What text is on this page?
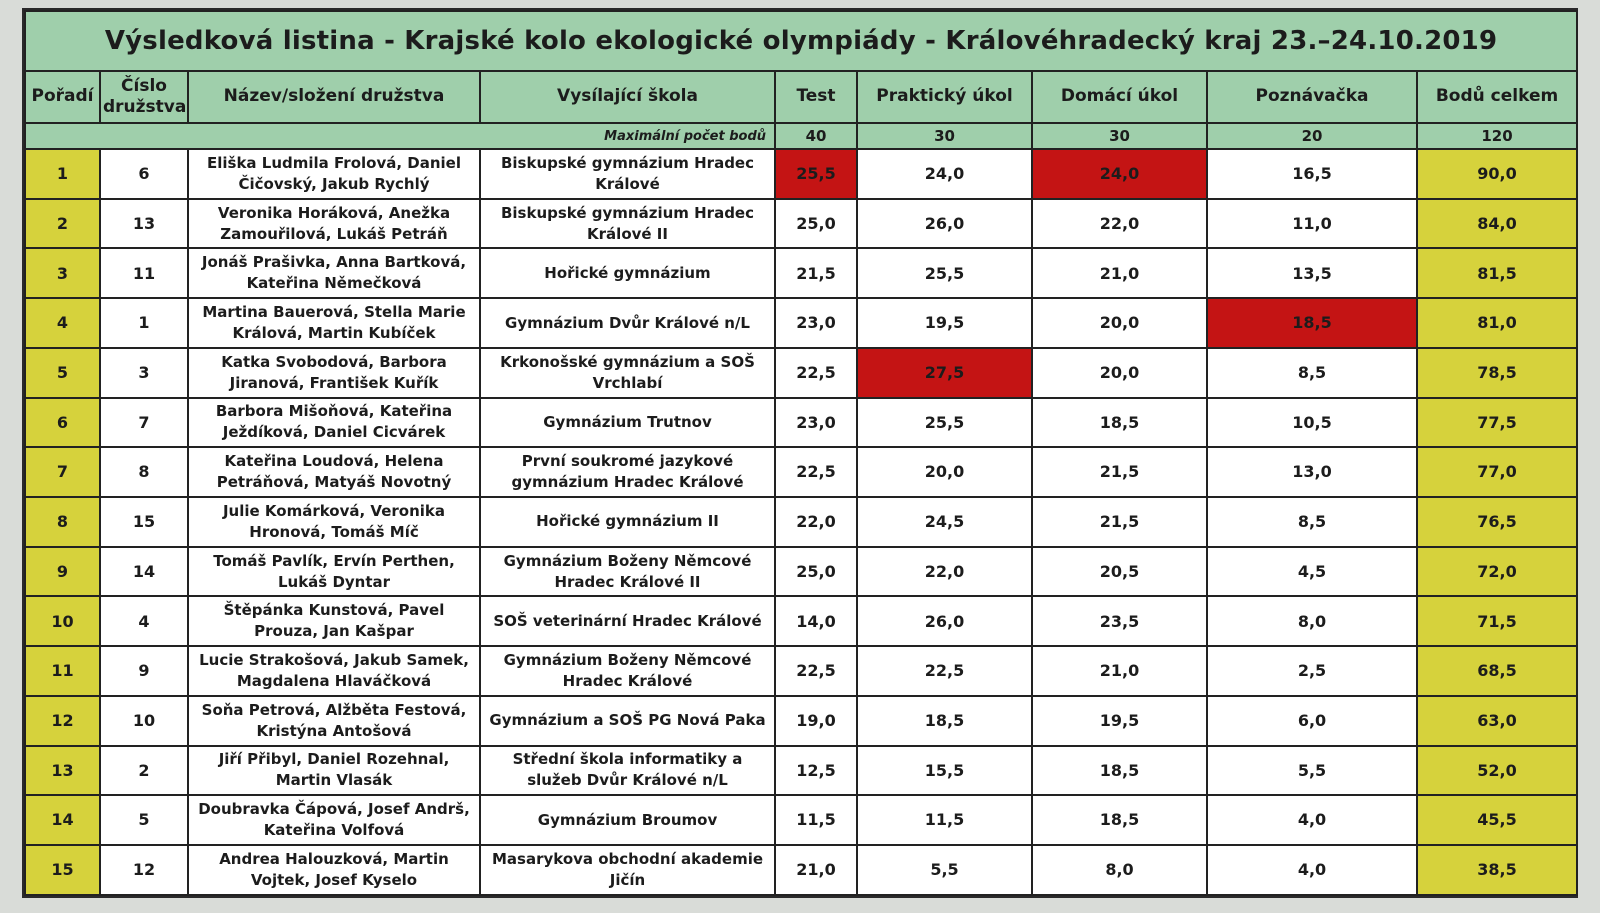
Výsledková listina - Krajské kolo ekologické olympiády - Královéhradecký kraj 23.–24.10.2019								
Pořadí	Číslo družstva	Název/složení družstva	Vysílající škola	Test	Praktický úkol	Domácí úkol	Poznávačka	Bodů celkem
Maximální počet bodů				40	30	30	20	120
1	6	Eliška Ludmila Frolová, Daniel Čičovský, Jakub Rychlý	Biskupské gymnázium Hradec Králové	25,5	24,0	24,0	16,5	90,0
2	13	Veronika Horáková, Anežka Zamouřilová, Lukáš Petráň	Biskupské gymnázium Hradec Králové II	25,0	26,0	22,0	11,0	84,0
3	11	Jonáš Prašivka, Anna Bartková, Kateřina Němečková	Hořické gymnázium	21,5	25,5	21,0	13,5	81,5
4	1	Martina Bauerová, Stella Marie Králová, Martin Kubíček	Gymnázium Dvůr Králové n/L	23,0	19,5	20,0	18,5	81,0
5	3	Katka Svobodová, Barbora Jiranová, František Kuřík	Krkonošské gymnázium a SOŠ Vrchlabí	22,5	27,5	20,0	8,5	78,5
6	7	Barbora Mišoňová, Kateřina Ježdíková, Daniel Cicvárek	Gymnázium Trutnov	23,0	25,5	18,5	10,5	77,5
7	8	Kateřina Loudová, Helena Petráňová, Matyáš Novotný	První soukromé jazykové gymnázium Hradec Králové	22,5	20,0	21,5	13,0	77,0
8	15	Julie Komárková, Veronika Hronová, Tomáš Míč	Hořické gymnázium II	22,0	24,5	21,5	8,5	76,5
9	14	Tomáš Pavlík, Ervín Perthen, Lukáš Dyntar	Gymnázium Boženy Němcové Hradec Králové II	25,0	22,0	20,5	4,5	72,0
10	4	Štěpánka Kunstová, Pavel Prouza, Jan Kašpar	SOŠ veterinární Hradec Králové	14,0	26,0	23,5	8,0	71,5
11	9	Lucie Strakošová, Jakub Samek, Magdalena Hlaváčková	Gymnázium Boženy Němcové Hradec Králové	22,5	22,5	21,0	2,5	68,5
12	10	Soňa Petrová, Alžběta Festová, Kristýna Antošová	Gymnázium a SOŠ PG Nová Paka	19,0	18,5	19,5	6,0	63,0
13	2	Jiří Přibyl, Daniel Rozehnal, Martin Vlasák	Střední škola informatiky a služeb Dvůr Králové n/L	12,5	15,5	18,5	5,5	52,0
14	5	Doubravka Čápová, Josef Andrš, Kateřina Volfová	Gymnázium Broumov	11,5	11,5	18,5	4,0	45,5
15	12	Andrea Halouzková, Martin Vojtek, Josef Kyselo	Masarykova obchodní akademie Jičín	21,0	5,5	8,0	4,0	38,5
